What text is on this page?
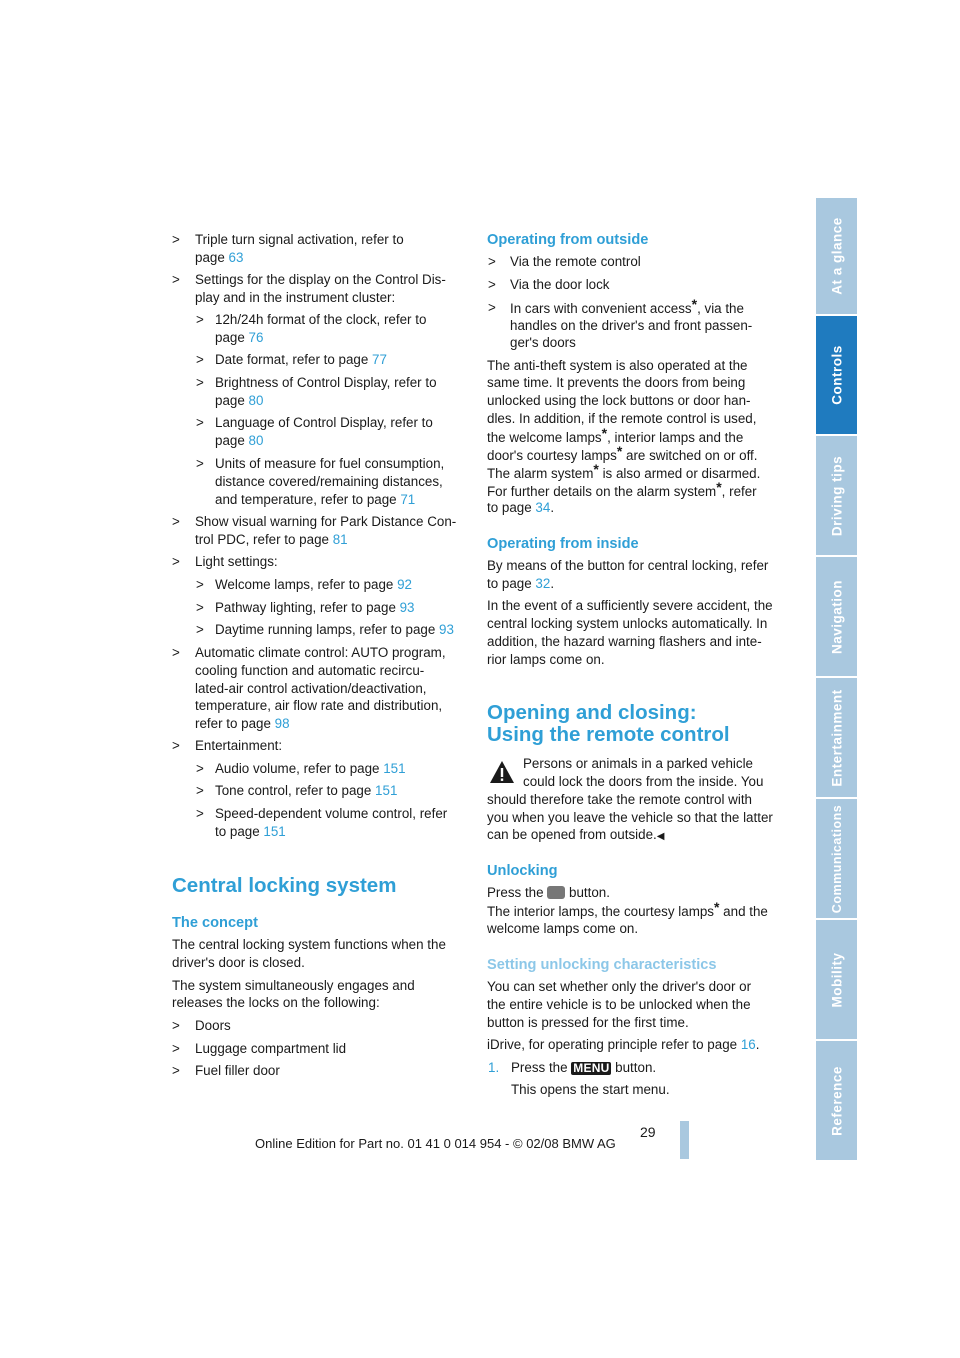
> Triple turn signal activation, refer to
page 63
> Settings for the display on the Control Dis-
play and in the instrument cluster:
> 12h/24h format of the clock, refer to
page 76
> Date format, refer to page 77
> Brightness of Control Display, refer to
page 80
> Language of Control Display, refer to
page 80
> Units of measure for fuel consumption,
distance covered/remaining distances,
and temperature, refer to page 71
> Show visual warning for Park Distance Con-
trol PDC, refer to page 81
> Light settings:
> Welcome lamps, refer to page 92
> Pathway lighting, refer to page 93
> Daytime running lamps, refer to page 93
> Automatic climate control: AUTO program,
cooling function and automatic recircu-
lated-air control activation/deactivation,
temperature, air flow rate and distribution,
refer to page 98
> Entertainment:
> Audio volume, refer to page 151
> Tone control, refer to page 151
> Speed-dependent volume control, refer
to page 151
Central locking system
The concept
The central locking system functions when the
driver's door is closed.
The system simultaneously engages and
releases the locks on the following:
> Doors
> Luggage compartment lid
> Fuel filler door
Operating from outside
> Via the remote control
> Via the door lock
> In cars with convenient access*, via the
handles on the driver's and front passen-
ger's doors
The anti-theft system is also operated at the
same time. It prevents the doors from being
unlocked using the lock buttons or door han-
dles. In addition, if the remote control is used,
the welcome lamps*, interior lamps and the
door's courtesy lamps* are switched on or off.
The alarm system* is also armed or disarmed.
For further details on the alarm system*, refer
to page 34.
Operating from inside
By means of the button for central locking, refer
to page 32.
In the event of a sufficiently severe accident, the
central locking system unlocks automatically. In
addition, the hazard warning flashers and inte-
rior lamps come on.
Opening and closing:
Using the remote control
Persons or animals in a parked vehicle
could lock the doors from the inside. You
should therefore take the remote control with
you when you leave the vehicle so that the latter
can be opened from outside.◀
Unlocking
Press the  button.
The interior lamps, the courtesy lamps* and the
welcome lamps come on.
Setting unlocking characteristics
You can set whether only the driver's door or
the entire vehicle is to be unlocked when the
button is pressed for the first time.
iDrive, for operating principle refer to page 16.
1. Press the MENU button.
This opens the start menu.
At a glance
Controls
Driving tips
Navigation
Entertainment
Communications
Mobility
Reference
29
Online Edition for Part no. 01 41 0 014 954 - © 02/08 BMW AG
